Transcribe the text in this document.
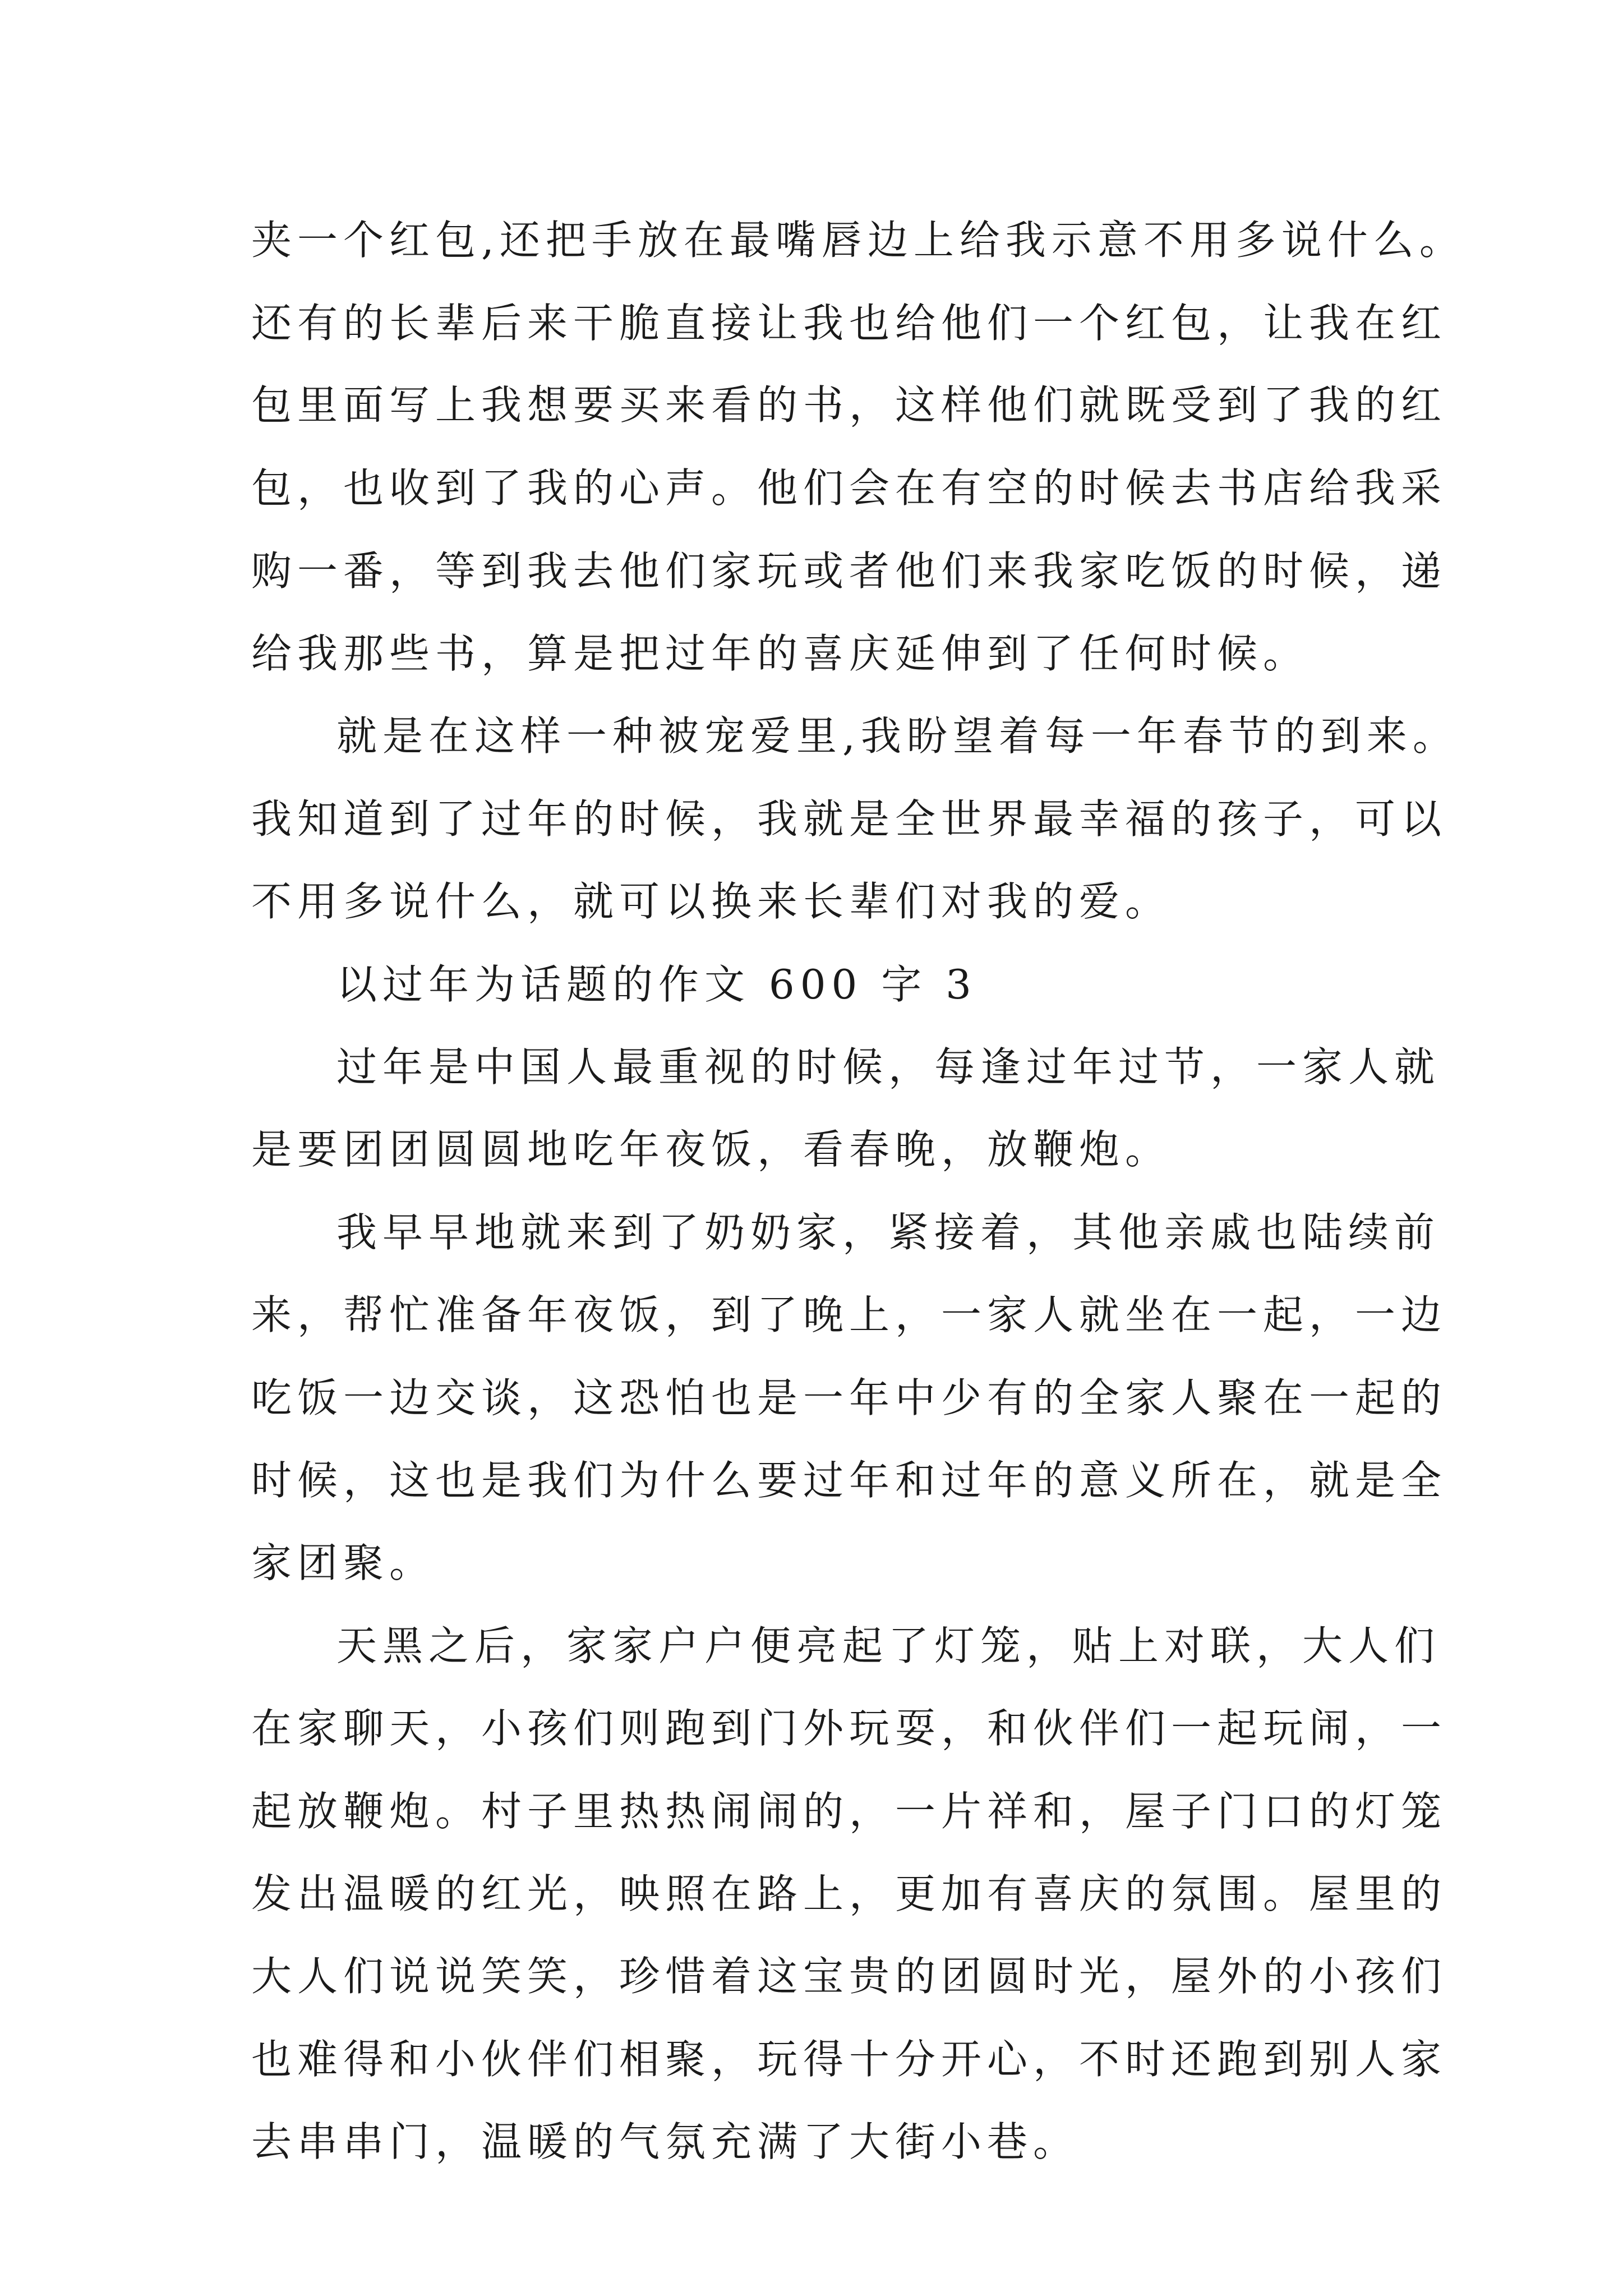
夹一个红包,还把手放在最嘴唇边上给我示意不用多说什么。

还有的长辈后来干脆直接让我也给他们一个红包，让我在红

包里面写上我想要买来看的书，这样他们就既受到了我的红

包，也收到了我的心声。他们会在有空的时候去书店给我采

购一番，等到我去他们家玩或者他们来我家吃饭的时候，递

给我那些书，算是把过年的喜庆延伸到了任何时候。

就是在这样一种被宠爱里,我盼望着每一年春节的到来。

我知道到了过年的时候，我就是全世界最幸福的孩子，可以

不用多说什么，就可以换来长辈们对我的爱。

以过年为话题的作文 600 字 3

过年是中国人最重视的时候，每逢过年过节，一家人就

是要团团圆圆地吃年夜饭，看春晚，放鞭炮。

我早早地就来到了奶奶家，紧接着，其他亲戚也陆续前

来，帮忙准备年夜饭，到了晚上，一家人就坐在一起，一边

吃饭一边交谈，这恐怕也是一年中少有的全家人聚在一起的

时候，这也是我们为什么要过年和过年的意义所在，就是全

家团聚。

天黑之后，家家户户便亮起了灯笼，贴上对联，大人们

在家聊天，小孩们则跑到门外玩耍，和伙伴们一起玩闹，一

起放鞭炮。村子里热热闹闹的，一片祥和，屋子门口的灯笼

发出温暖的红光，映照在路上，更加有喜庆的氛围。屋里的

大人们说说笑笑，珍惜着这宝贵的团圆时光，屋外的小孩们

也难得和小伙伴们相聚，玩得十分开心，不时还跑到别人家

去串串门，温暖的气氛充满了大街小巷。
